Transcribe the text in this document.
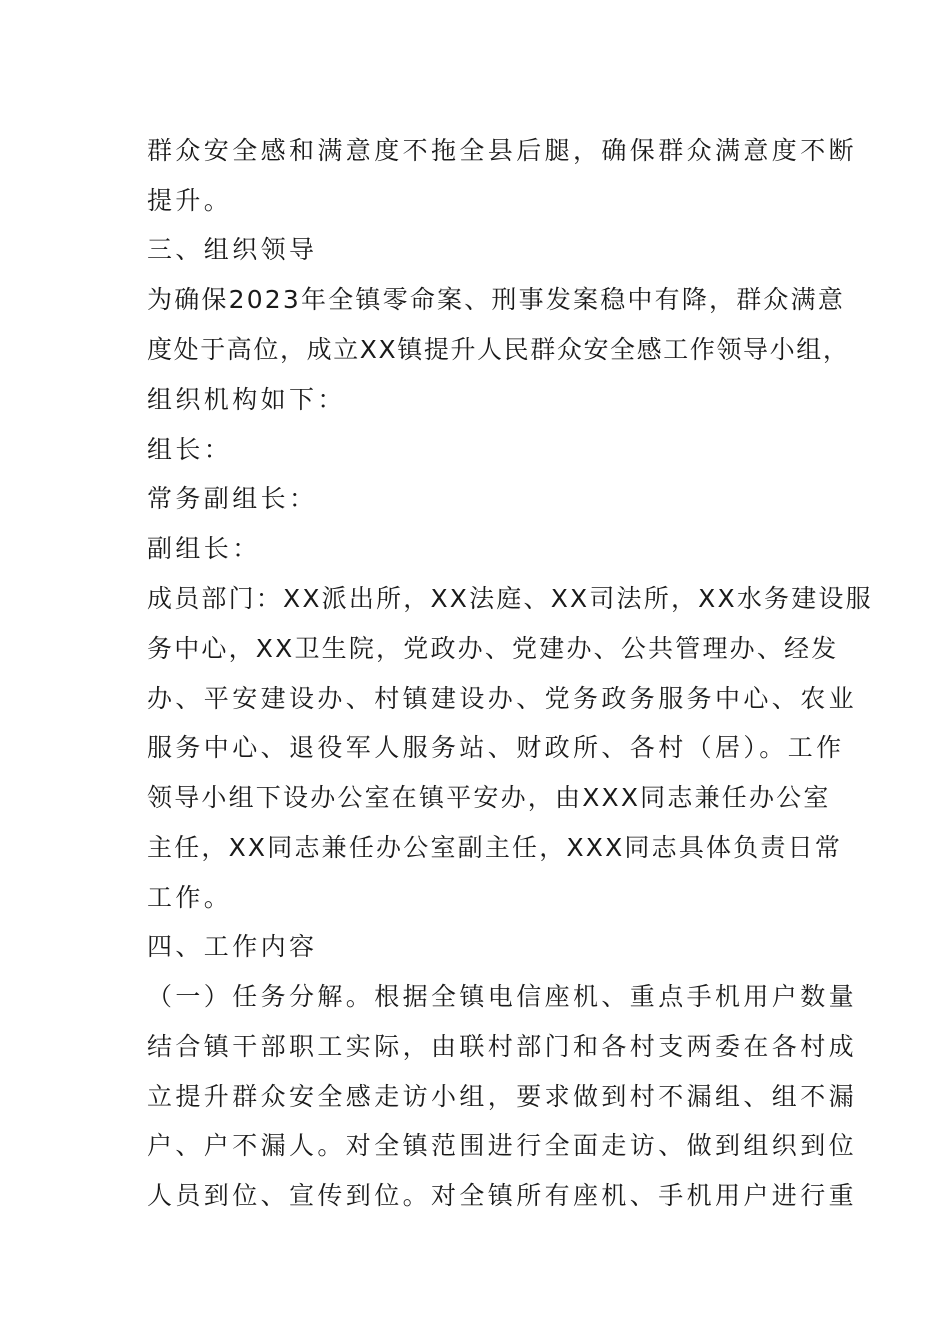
群众安全感和满意度不拖全县后腿，确保群众满意度不断
提升。
三、组织领导
为确保2023年全镇零命案、刑事发案稳中有降，群众满意
度处于高位，成立XX镇提升人民群众安全感工作领导小组，
组织机构如下：
组长：
常务副组长：
副组长：
成员部门：XX派出所，XX法庭、XX司法所，XX水务建设服
务中心，XX卫生院，党政办、党建办、公共管理办、经发
办、平安建设办、村镇建设办、党务政务服务中心、农业
服务中心、退役军人服务站、财政所、各村（居）。工作
领导小组下设办公室在镇平安办，由XXX同志兼任办公室
主任，XX同志兼任办公室副主任，XXX同志具体负责日常
工作。
四、工作内容
（一）任务分解。根据全镇电信座机、重点手机用户数量
结合镇干部职工实际，由联村部门和各村支两委在各村成
立提升群众安全感走访小组，要求做到村不漏组、组不漏
户、户不漏人。对全镇范围进行全面走访、做到组织到位
人员到位、宣传到位。对全镇所有座机、手机用户进行重
